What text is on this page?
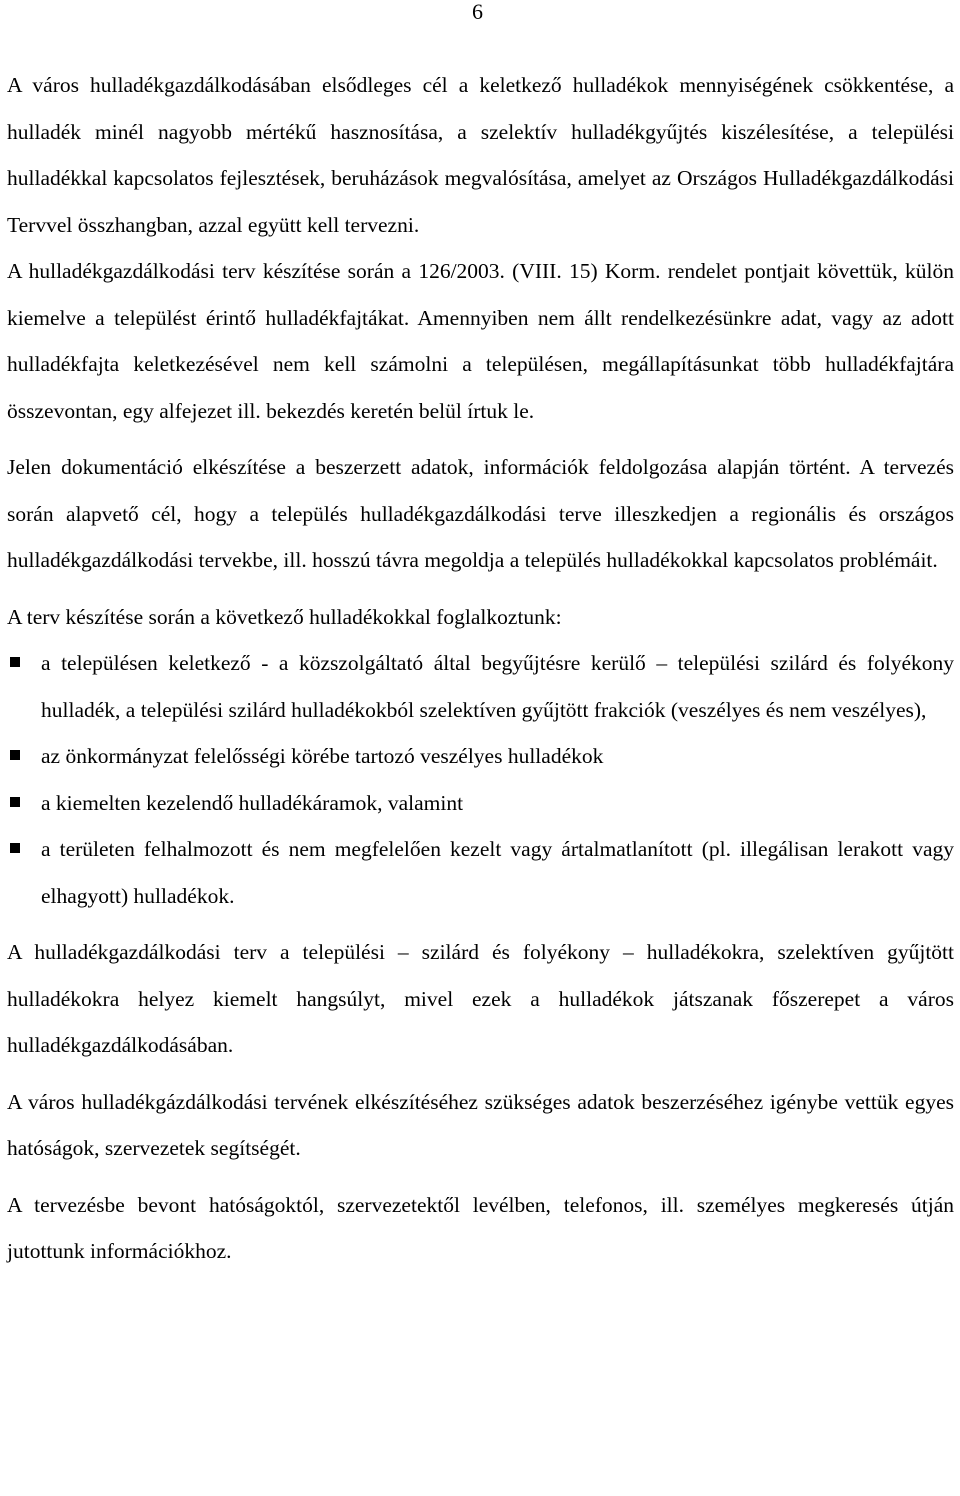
6

A város hulladékgazdálkodásában elsődleges cél a keletkező hulladékok mennyiségének csökkentése, a hulladék minél nagyobb mértékű hasznosítása, a szelektív hulladékgyűjtés kiszélesítése, a települési hulladékkal kapcsolatos fejlesztések, beruházások megvalósítása, amelyet az Országos Hulladékgazdálkodási Tervvel összhangban, azzal együtt kell tervezni.

A hulladékgazdálkodási terv készítése során a 126/2003. (VIII. 15) Korm. rendelet pontjait követtük, külön kiemelve a települést érintő hulladékfajtákat. Amennyiben nem állt rendelkezésünkre adat, vagy az adott hulladékfajta keletkezésével nem kell számolni a településen, megállapításunkat több hulladékfajtára összevontan, egy alfejezet ill. bekezdés keretén belül írtuk le.

Jelen dokumentáció elkészítése a beszerzett adatok, információk feldolgozása alapján történt. A tervezés során alapvető cél, hogy a település hulladékgazdálkodási terve illeszkedjen a regionális és országos hulladékgazdálkodási tervekbe, ill. hosszú távra megoldja a település hulladékokkal kapcsolatos problémáit.

A terv készítése során a következő hulladékokkal foglalkoztunk:

a településen keletkező - a közszolgáltató által begyűjtésre kerülő – települési szilárd és folyékony hulladék, a települési szilárd hulladékokból szelektíven gyűjtött frakciók (veszélyes és nem veszélyes),
az önkormányzat felelősségi körébe tartozó veszélyes hulladékok
a kiemelten kezelendő hulladékáramok, valamint
a területen felhalmozott és nem megfelelően kezelt vagy ártalmatlanított (pl. illegálisan lerakott vagy elhagyott) hulladékok.

A hulladékgazdálkodási terv a települési – szilárd és folyékony – hulladékokra, szelektíven gyűjtött hulladékokra helyez kiemelt hangsúlyt, mivel ezek a hulladékok játszanak főszerepet a város hulladékgazdálkodásában.

A város hulladékgázdálkodási tervének elkészítéséhez szükséges adatok beszerzéséhez igénybe vettük egyes hatóságok, szervezetek segítségét.

A tervezésbe bevont hatóságoktól, szervezetektől levélben, telefonos, ill. személyes megkeresés útján jutottunk információkhoz.
